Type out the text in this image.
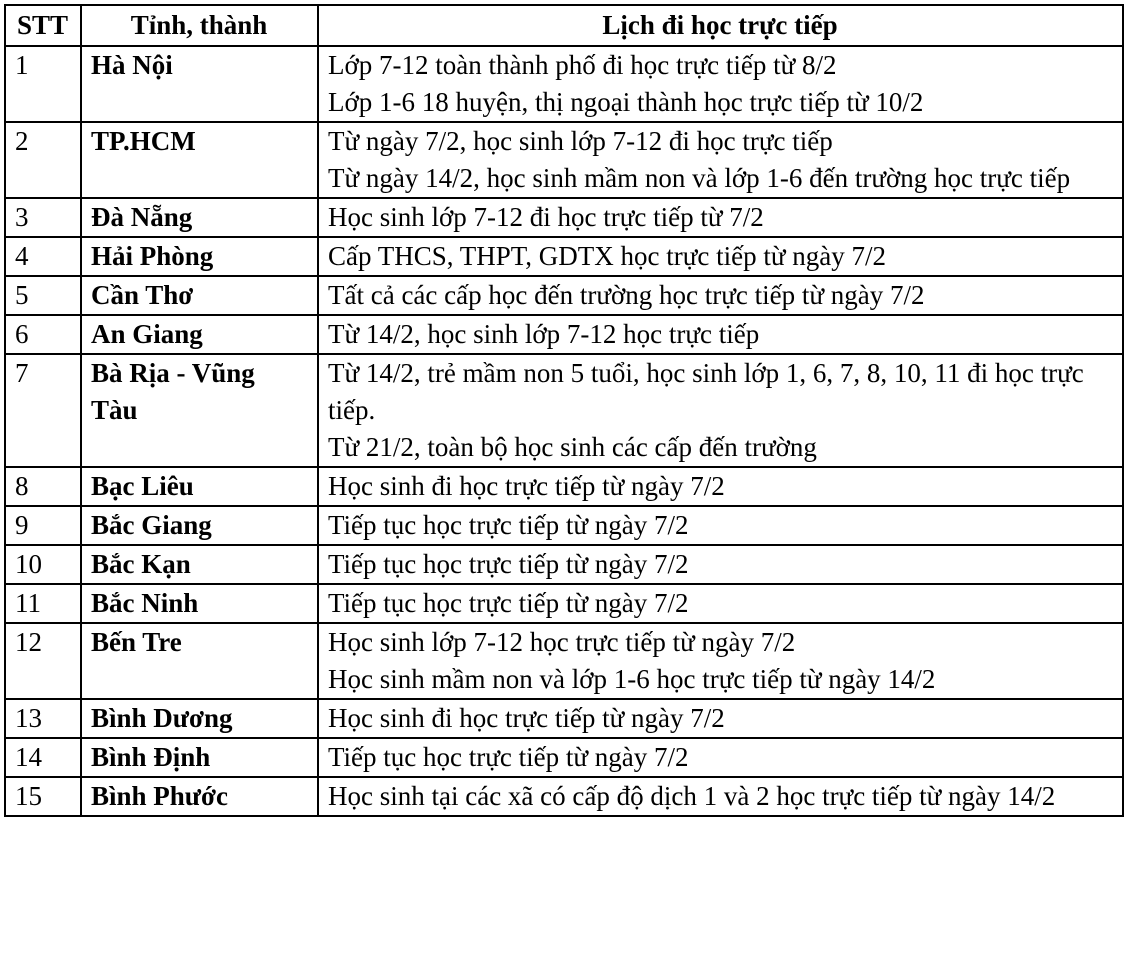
STT	Tỉnh, thành	Lịch đi học trực tiếp
1	Hà Nội	Lớp 7-12 toàn thành phố đi học trực tiếp từ 8/2
Lớp 1-6 18 huyện, thị ngoại thành học trực tiếp từ 10/2

2	TP.HCM	Từ ngày 7/2, học sinh lớp 7-12 đi học trực tiếp
Từ ngày 14/2, học sinh mầm non và lớp 1-6 đến trường học trực tiếp

3	Đà Nẵng	Học sinh lớp 7-12 đi học trực tiếp từ 7/2

4	Hải Phòng	Cấp THCS, THPT, GDTX học trực tiếp từ ngày 7/2

5	Cần Thơ	Tất cả các cấp học đến trường học trực tiếp từ ngày 7/2

6	An Giang	Từ 14/2, học sinh lớp 7-12 học trực tiếp

7	Bà Rịa - Vũng Tàu	Từ 14/2, trẻ mầm non 5 tuổi, học sinh lớp 1, 6, 7, 8, 10, 11 đi học trực tiếp.
Từ 21/2, toàn bộ học sinh các cấp đến trường

8	Bạc Liêu	Học sinh đi học trực tiếp từ ngày 7/2

9	Bắc Giang	Tiếp tục học trực tiếp từ ngày 7/2

10	Bắc Kạn	Tiếp tục học trực tiếp từ ngày 7/2

11	Bắc Ninh	Tiếp tục học trực tiếp từ ngày 7/2

12	Bến Tre	Học sinh lớp 7-12 học trực tiếp từ ngày 7/2
Học sinh mầm non và lớp 1-6 học trực tiếp từ ngày 14/2

13	Bình Dương	Học sinh đi học trực tiếp từ ngày 7/2

14	Bình Định	Tiếp tục học trực tiếp từ ngày 7/2

15	Bình Phước	Học sinh tại các xã có cấp độ dịch 1 và 2 học trực tiếp từ ngày 14/2
